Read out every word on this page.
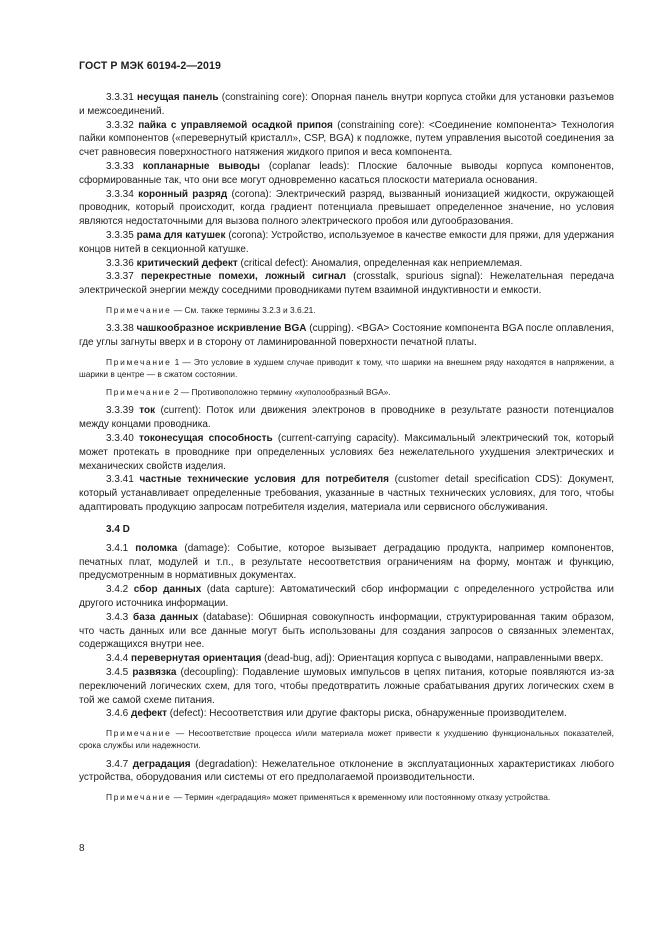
ГОСТ Р МЭК 60194-2—2019

3.3.31 несущая панель (constraining core): Опорная панель внутри корпуса стойки для установки разъемов и межсоединений.

3.3.32 пайка с управляемой осадкой припоя (constraining core): <Соединение компонента> Технология пайки компонентов («перевернутый кристалл», CSP, BGA) к подложке, путем управления высотой соединения за счет равновесия поверхностного натяжения жидкого припоя и веса компонента.

3.3.33 копланарные выводы (coplanar leads): Плоские балочные выводы корпуса компонентов, сформированные так, что они все могут одновременно касаться плоскости материала основания.

3.3.34 коронный разряд (corona): Электрический разряд, вызванный ионизацией жидкости, окружающей проводник, который происходит, когда градиент потенциала превышает определенное значение, но условия являются недостаточными для вызова полного электрического пробоя или дугообразования.

3.3.35 рама для катушек (corona): Устройство, используемое в качестве емкости для пряжи, для удержания концов нитей в секционной катушке.

3.3.36 критический дефект (critical defect): Аномалия, определенная как неприемлемая.

3.3.37 перекрестные помехи, ложный сигнал (crosstalk, spurious signal): Нежелательная передача электрической энергии между соседними проводниками путем взаимной индуктивности и емкости.

Примечание — См. также термины 3.2.3 и 3.6.21.

3.3.38 чашкообразное искривление BGA (cupping). <BGA> Состояние компонента BGA после оплавления, где углы загнуты вверх и в сторону от ламинированной поверхности печатной платы.

Примечание 1 — Это условие в худшем случае приводит к тому, что шарики на внешнем ряду находятся в напряжении, а шарики в центре — в сжатом состоянии.

Примечание 2 — Противоположно термину «куполообразный BGA».

3.3.39 ток (current): Поток или движения электронов в проводнике в результате разности потенциалов между концами проводника.

3.3.40 токонесущая способность (current-carrying capacity). Максимальный электрический ток, который может протекать в проводнике при определенных условиях без нежелательного ухудшения электрических и механических свойств изделия.

3.3.41 частные технические условия для потребителя (customer detail specification CDS): Документ, который устанавливает определенные требования, указанные в частных технических условиях, для того, чтобы адаптировать продукцию запросам потребителя изделия, материала или сервисного обслуживания.

3.4 D

3.4.1 поломка (damage): Событие, которое вызывает деградацию продукта, например компонентов, печатных плат, модулей и т.п., в результате несоответствия ограничениям на форму, монтаж и функцию, предусмотренным в нормативных документах.

3.4.2 сбор данных (data capture): Автоматический сбор информации с определенного устройства или другого источника информации.

3.4.3 база данных (database): Обширная совокупность информации, структурированная таким образом, что часть данных или все данные могут быть использованы для создания запросов о связанных элементах, содержащихся внутри нее.

3.4.4 перевернутая ориентация (dead-bug, adj): Ориентация корпуса с выводами, направленными вверх.

3.4.5 развязка (decoupling): Подавление шумовых импульсов в цепях питания, которые появляются из-за переключений логических схем, для того, чтобы предотвратить ложные срабатывания других логических схем в той же самой схеме питания.

3.4.6 дефект (defect): Несоответствия или другие факторы риска, обнаруженные производителем.

Примечание — Несоответствие процесса и/или материала может привести к ухудшению функциональных показателей, срока службы или надежности.

3.4.7 деградация (degradation): Нежелательное отклонение в эксплуатационных характеристиках любого устройства, оборудования или системы от его предполагаемой производительности.

Примечание — Термин «деградация» может применяться к временному или постоянному отказу устройства.

8
